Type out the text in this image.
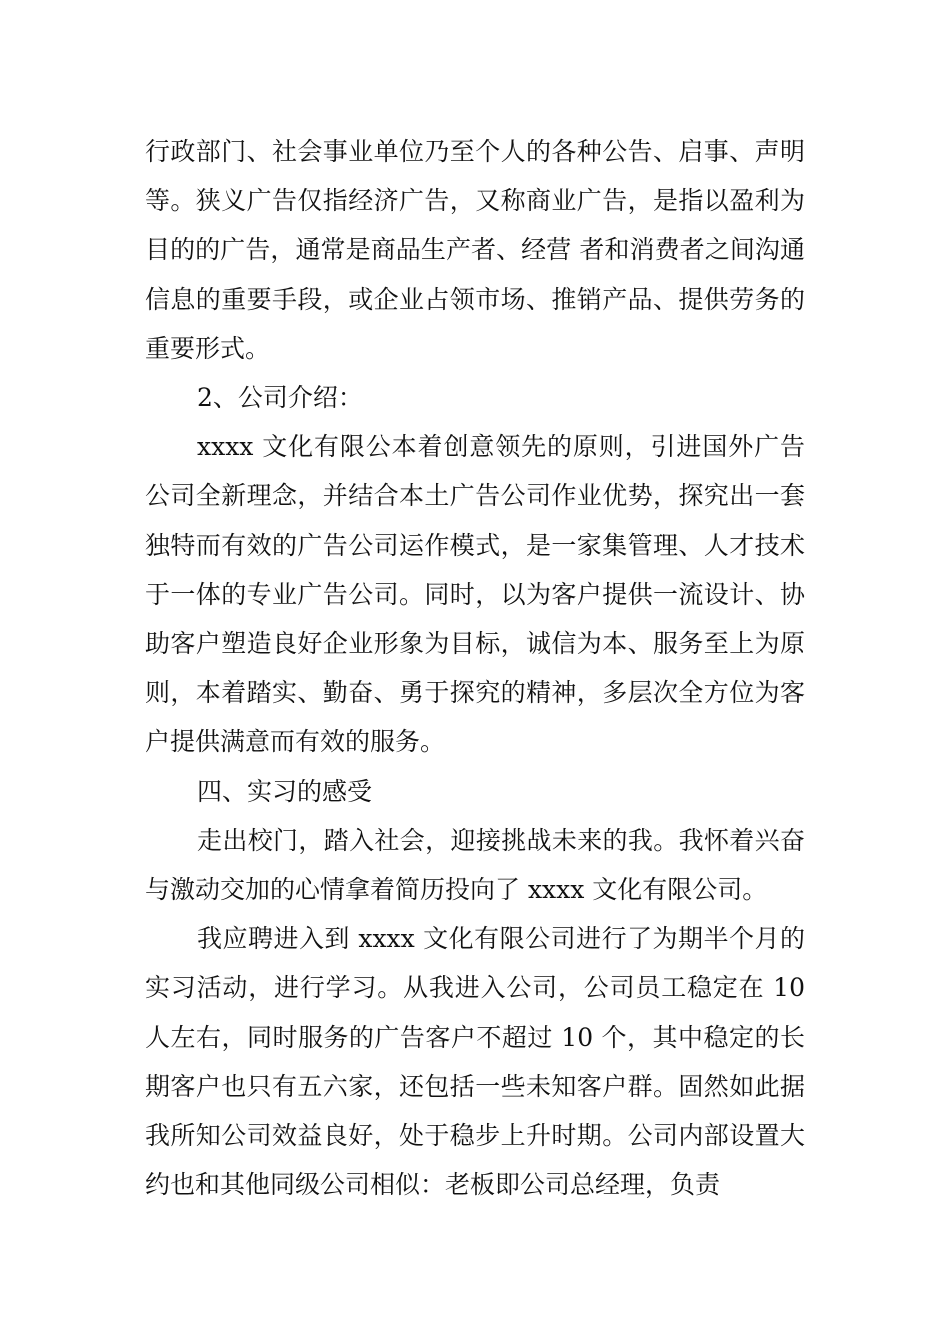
行政部门、社会事业单位乃至个人的各种公告、启事、声明等。狭义广告仅指经济广告，又称商业广告，是指以盈利为目的的广告，通常是商品生产者、经营 者和消费者之间沟通信息的重要手段，或企业占领市场、推销产品、提供劳务的重要形式。

2、公司介绍：

xxxx 文化有限公本着创意领先的原则，引进国外广告公司全新理念，并结合本土广告公司作业优势，探究出一套独特而有效的广告公司运作模式，是一家集管理、人才技术于一体的专业广告公司。同时，以为客户提供一流设计、协助客户塑造良好企业形象为目标，诚信为本、服务至上为原则，本着踏实、勤奋、勇于探究的精神，多层次全方位为客户提供满意而有效的服务。

四、实习的感受

走出校门，踏入社会，迎接挑战未来的我。我怀着兴奋与激动交加的心情拿着简历投向了 xxxx 文化有限公司。

我应聘进入到 xxxx 文化有限公司进行了为期半个月的实习活动，进行学习。从我进入公司，公司员工稳定在 10 人左右，同时服务的广告客户不超过 10 个，其中稳定的长期客户也只有五六家，还包括一些未知客户群。固然如此据我所知公司效益良好，处于稳步上升时期。公司内部设置大约也和其他同级公司相似：老板即公司总经理，负责
